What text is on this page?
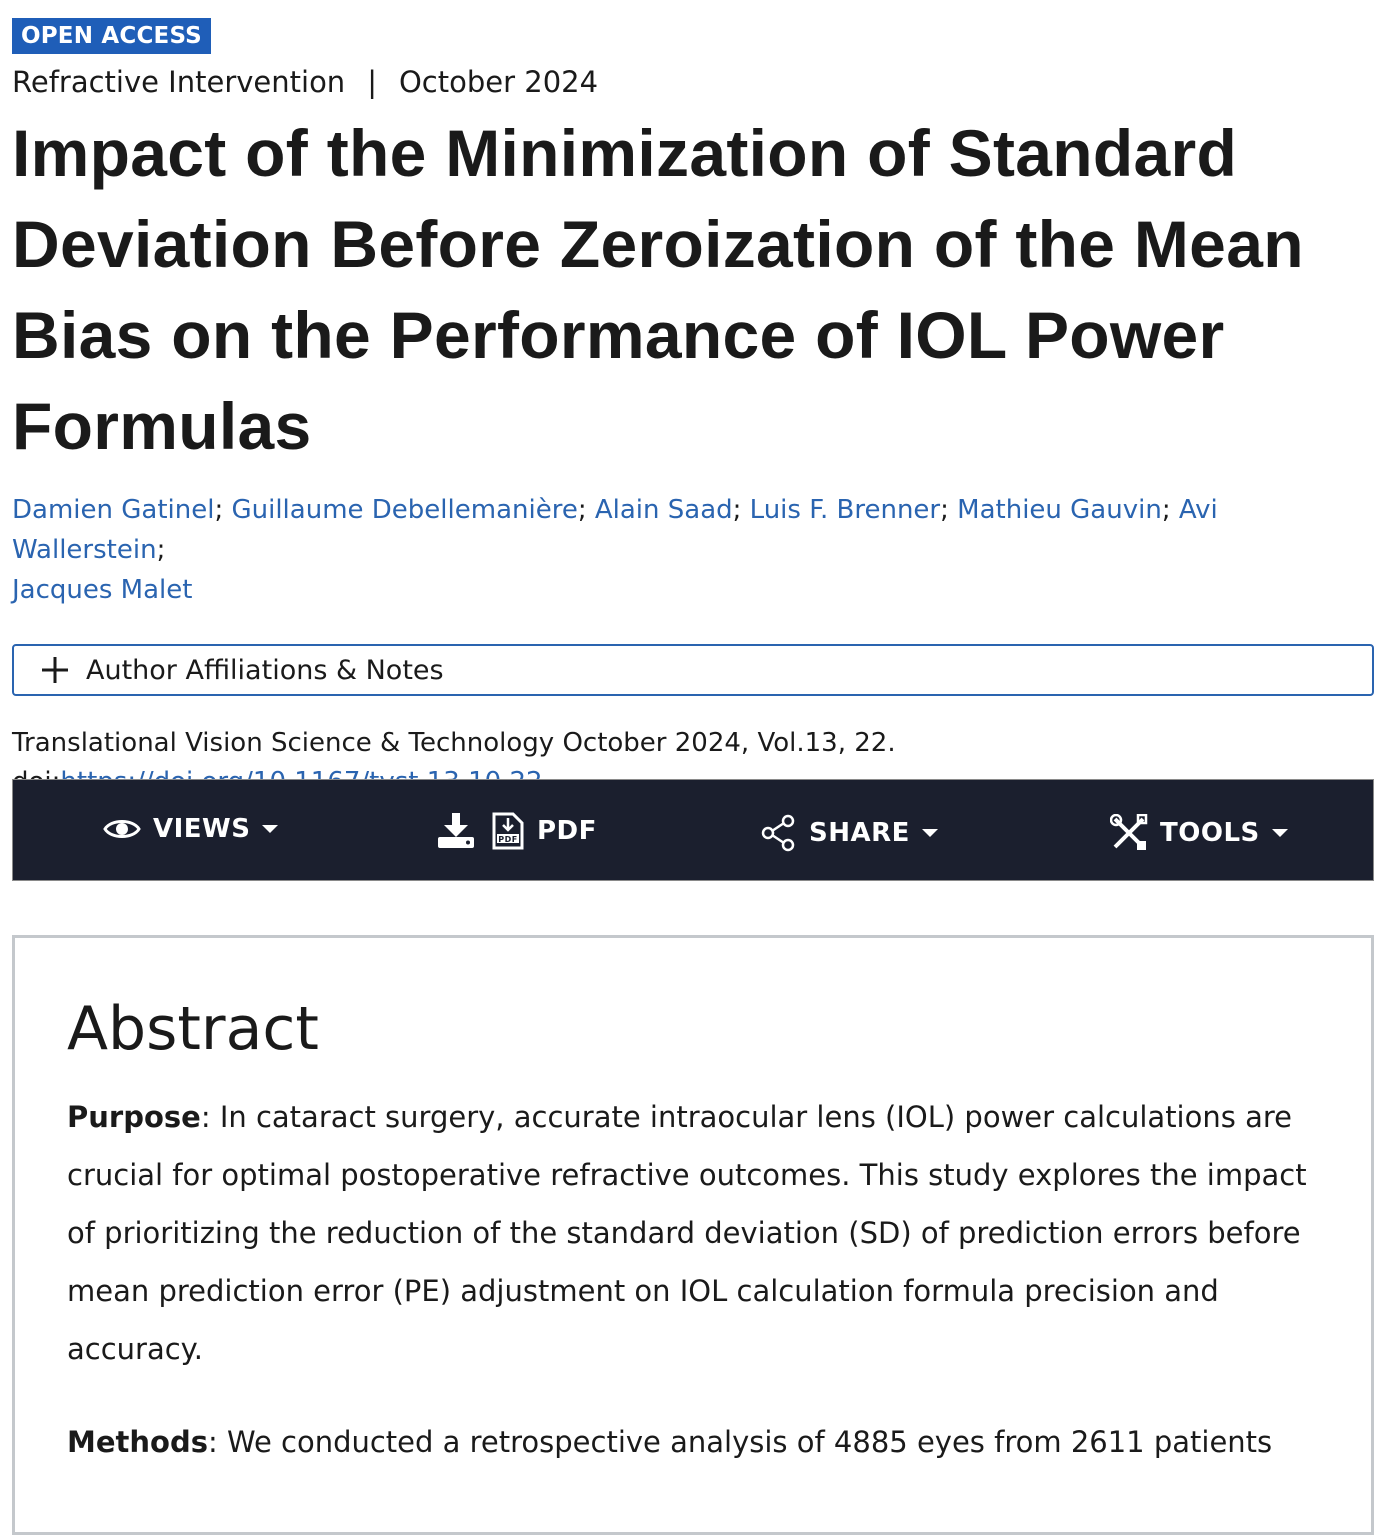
OPEN ACCESS
Refractive Intervention | October 2024
Impact of the Minimization of Standard Deviation Before Zeroization of the Mean Bias on the Performance of IOL Power Formulas
Damien Gatinel; Guillaume Debellemanière; Alain Saad; Luis F. Brenner; Mathieu Gauvin; Avi Wallerstein;
Jacques Malet
Author Affiliations & Notes
Translational Vision Science & Technology October 2024, Vol.13, 22.
VIEWS	PDF PDF	SHARE	TOOLS
Abstract
Purpose: In cataract surgery, accurate intraocular lens (IOL) power calculations are crucial for optimal postoperative refractive outcomes. This study explores the impact of prioritizing the reduction of the standard deviation (SD) of prediction errors before mean prediction error (PE) adjustment on IOL calculation formula precision and accuracy.
Methods: We conducted a retrospective analysis of 4885 eyes from 2611 patients
